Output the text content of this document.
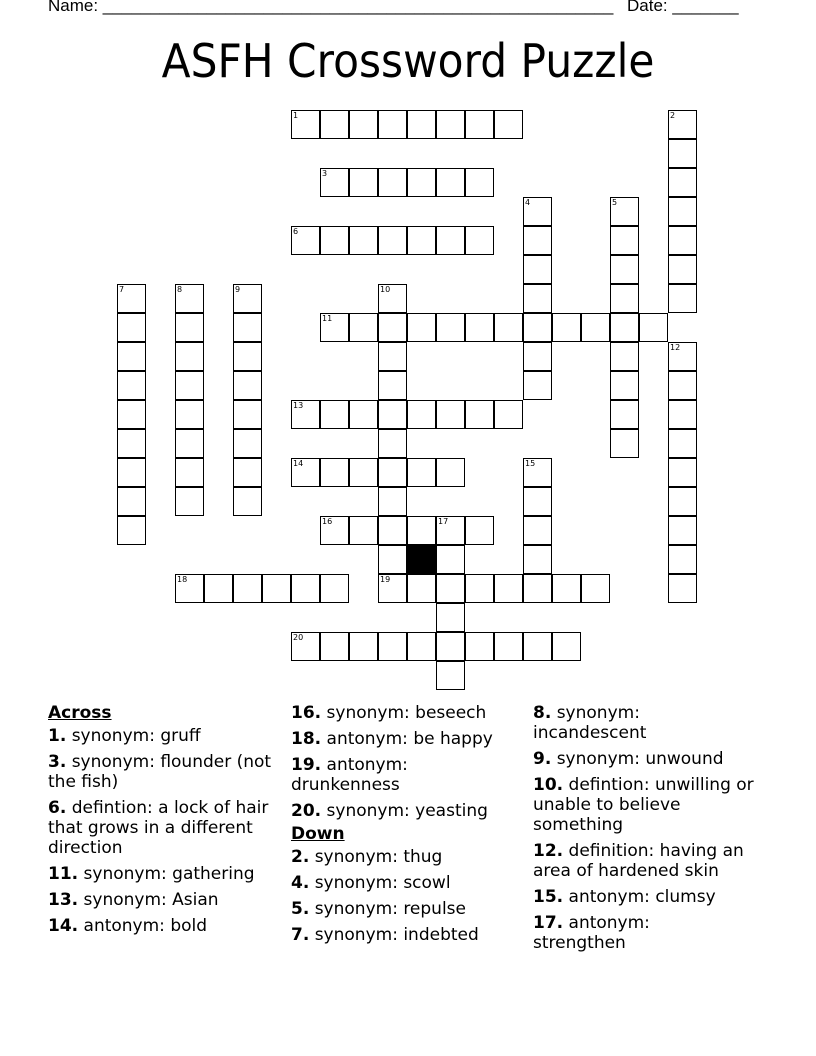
Name: ______________________________________________________ Date: _______
ASFH Crossword Puzzle
1	2
3
4	5
6
7	8	9	10
11
12
13
14	15
16	17
18	19
20
Across
1. synonym: gruff
3. synonym: flounder (not the fish)
6. defintion: a lock of hair that grows in a different direction
11. synonym: gathering
13. synonym: Asian
14. antonym: bold
16. synonym: beseech
18. antonym: be happy
19. antonym: drunkenness
20. synonym: yeasting
Down
2. synonym: thug
4. synonym: scowl
5. synonym: repulse
7. synonym: indebted
8. synonym: incandescent
9. synonym: unwound
10. defintion: unwilling or unable to believe something
12. definition: having an area of hardened skin
15. antonym: clumsy
17. antonym: strengthen
